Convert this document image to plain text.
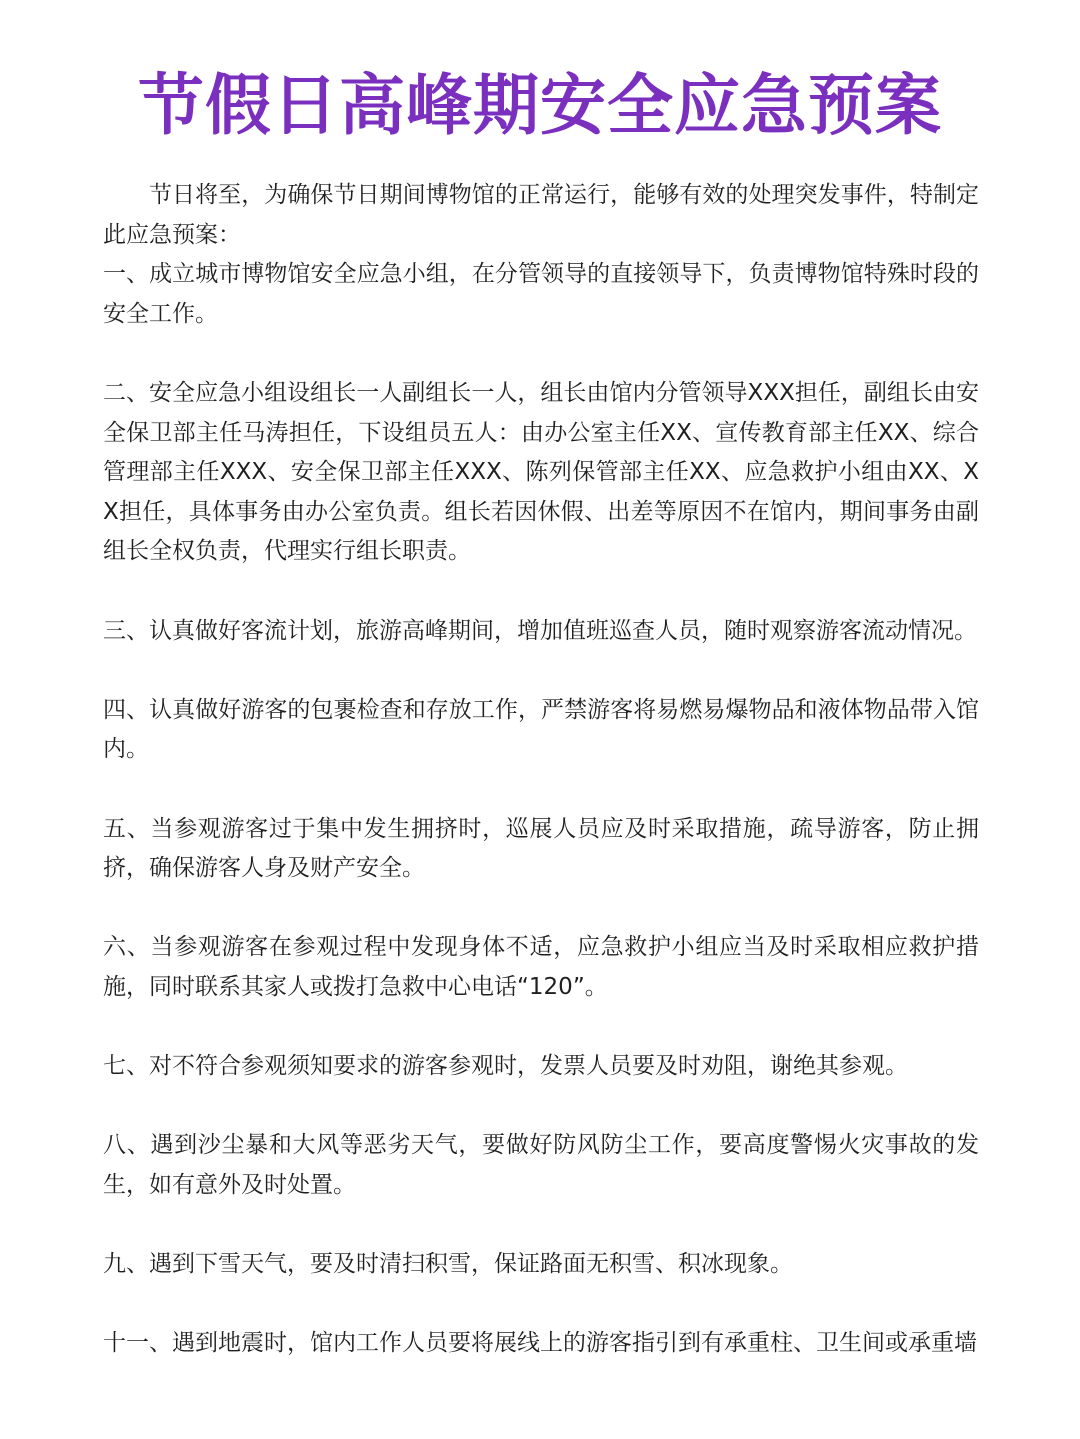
节假日高峰期安全应急预案

节日将至，为确保节日期间博物馆的正常运行，能够有效的处理突发事件，特制定此应急预案：

一、成立城市博物馆安全应急小组，在分管领导的直接领导下，负责博物馆特殊时段的安全工作。

二、安全应急小组设组长一人副组长一人，组长由馆内分管领导XXX担任，副组长由安全保卫部主任马涛担任，下设组员五人：由办公室主任XX、宣传教育部主任XX、综合管理部主任XXX、安全保卫部主任XXX、陈列保管部主任XX、应急救护小组由XX、XX担任，具体事务由办公室负责。组长若因休假、出差等原因不在馆内，期间事务由副组长全权负责，代理实行组长职责。

三、认真做好客流计划，旅游高峰期间，增加值班巡查人员，随时观察游客流动情况。

四、认真做好游客的包裹检查和存放工作，严禁游客将易燃易爆物品和液体物品带入馆内。

五、当参观游客过于集中发生拥挤时，巡展人员应及时采取措施，疏导游客，防止拥挤，确保游客人身及财产安全。

六、当参观游客在参观过程中发现身体不适，应急救护小组应当及时采取相应救护措施，同时联系其家人或拨打急救中心电话“120”。

七、对不符合参观须知要求的游客参观时，发票人员要及时劝阻，谢绝其参观。

八、遇到沙尘暴和大风等恶劣天气，要做好防风防尘工作，要高度警惕火灾事故的发生，如有意外及时处置。

九、遇到下雪天气，要及时清扫积雪，保证路面无积雪、积冰现象。

十一、遇到地震时，馆内工作人员要将展线上的游客指引到有承重柱、卫生间或承重墙
